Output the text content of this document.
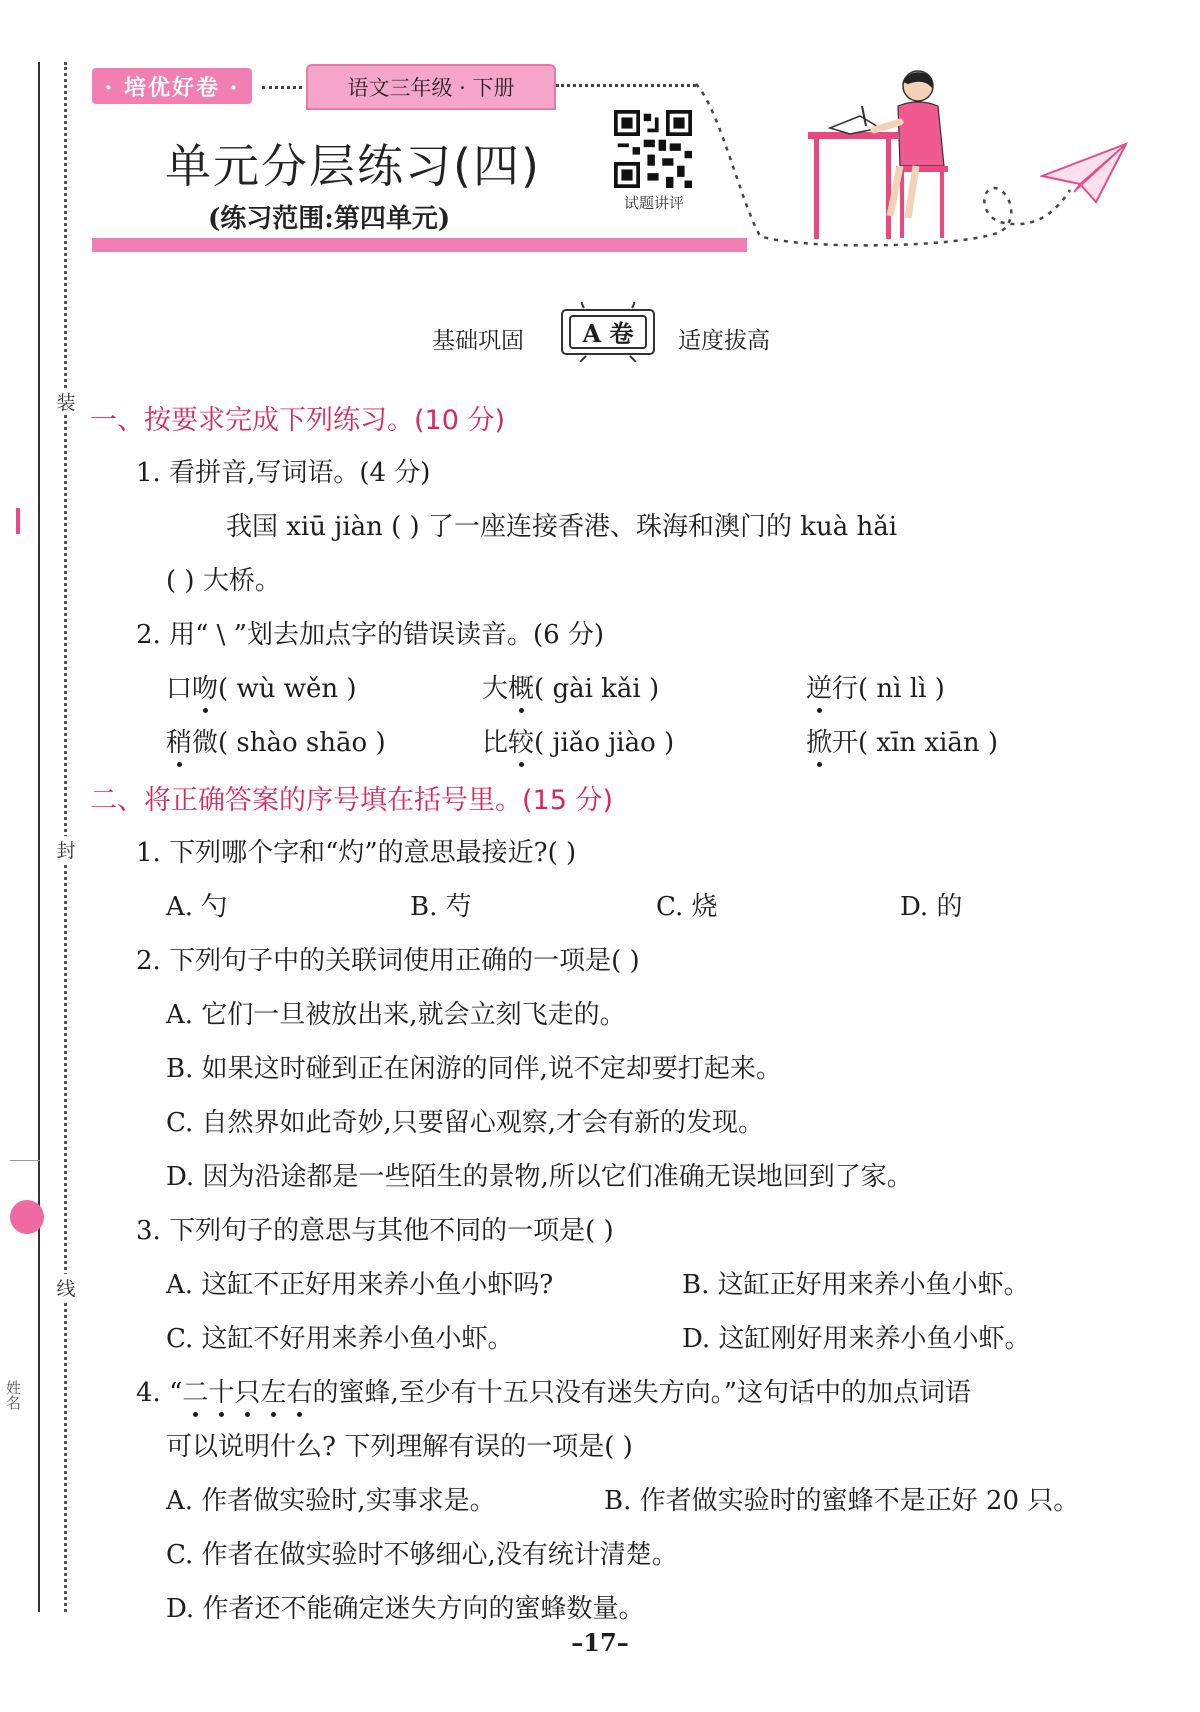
装
封
线
姓名
· 培优好卷 ·	语文三年级 · 下册
单元分层练习(四)
(练习范围:第四单元)
试题讲评
基础巩固	A 卷	适度拔高
一、按要求完成下列练习。(10 分)
1. 看拼音,写词语。(4 分)
我国 xiū jiàn ( ) 了一座连接香港、珠海和澳门的 kuà hǎi
( ) 大桥。
2. 用“ \ ”划去加点字的错误读音。(6 分)
口吻( wù wěn )	大概( gài kǎi )	逆行( nì lì )
稍微( shào shāo )	比较( jiǎo jiào )	掀开( xīn xiān )
二、将正确答案的序号填在括号里。(15 分)
1. 下列哪个字和“灼”的意思最接近?( )
A. 勺	B. 芍	C. 烧	D. 的
2. 下列句子中的关联词使用正确的一项是( )
A. 它们一旦被放出来,就会立刻飞走的。
B. 如果这时碰到正在闲游的同伴,说不定却要打起来。
C. 自然界如此奇妙,只要留心观察,才会有新的发现。
D. 因为沿途都是一些陌生的景物,所以它们准确无误地回到了家。
3. 下列句子的意思与其他不同的一项是( )
A. 这缸不正好用来养小鱼小虾吗?	B. 这缸正好用来养小鱼小虾。
C. 这缸不好用来养小鱼小虾。	D. 这缸刚好用来养小鱼小虾。
4. “二十只左右的蜜蜂,至少有十五只没有迷失方向。”这句话中的加点词语
可以说明什么? 下列理解有误的一项是( )
A. 作者做实验时,实事求是。	B. 作者做实验时的蜜蜂不是正好 20 只。
C. 作者在做实验时不够细心,没有统计清楚。
D. 作者还不能确定迷失方向的蜜蜂数量。
–17–
